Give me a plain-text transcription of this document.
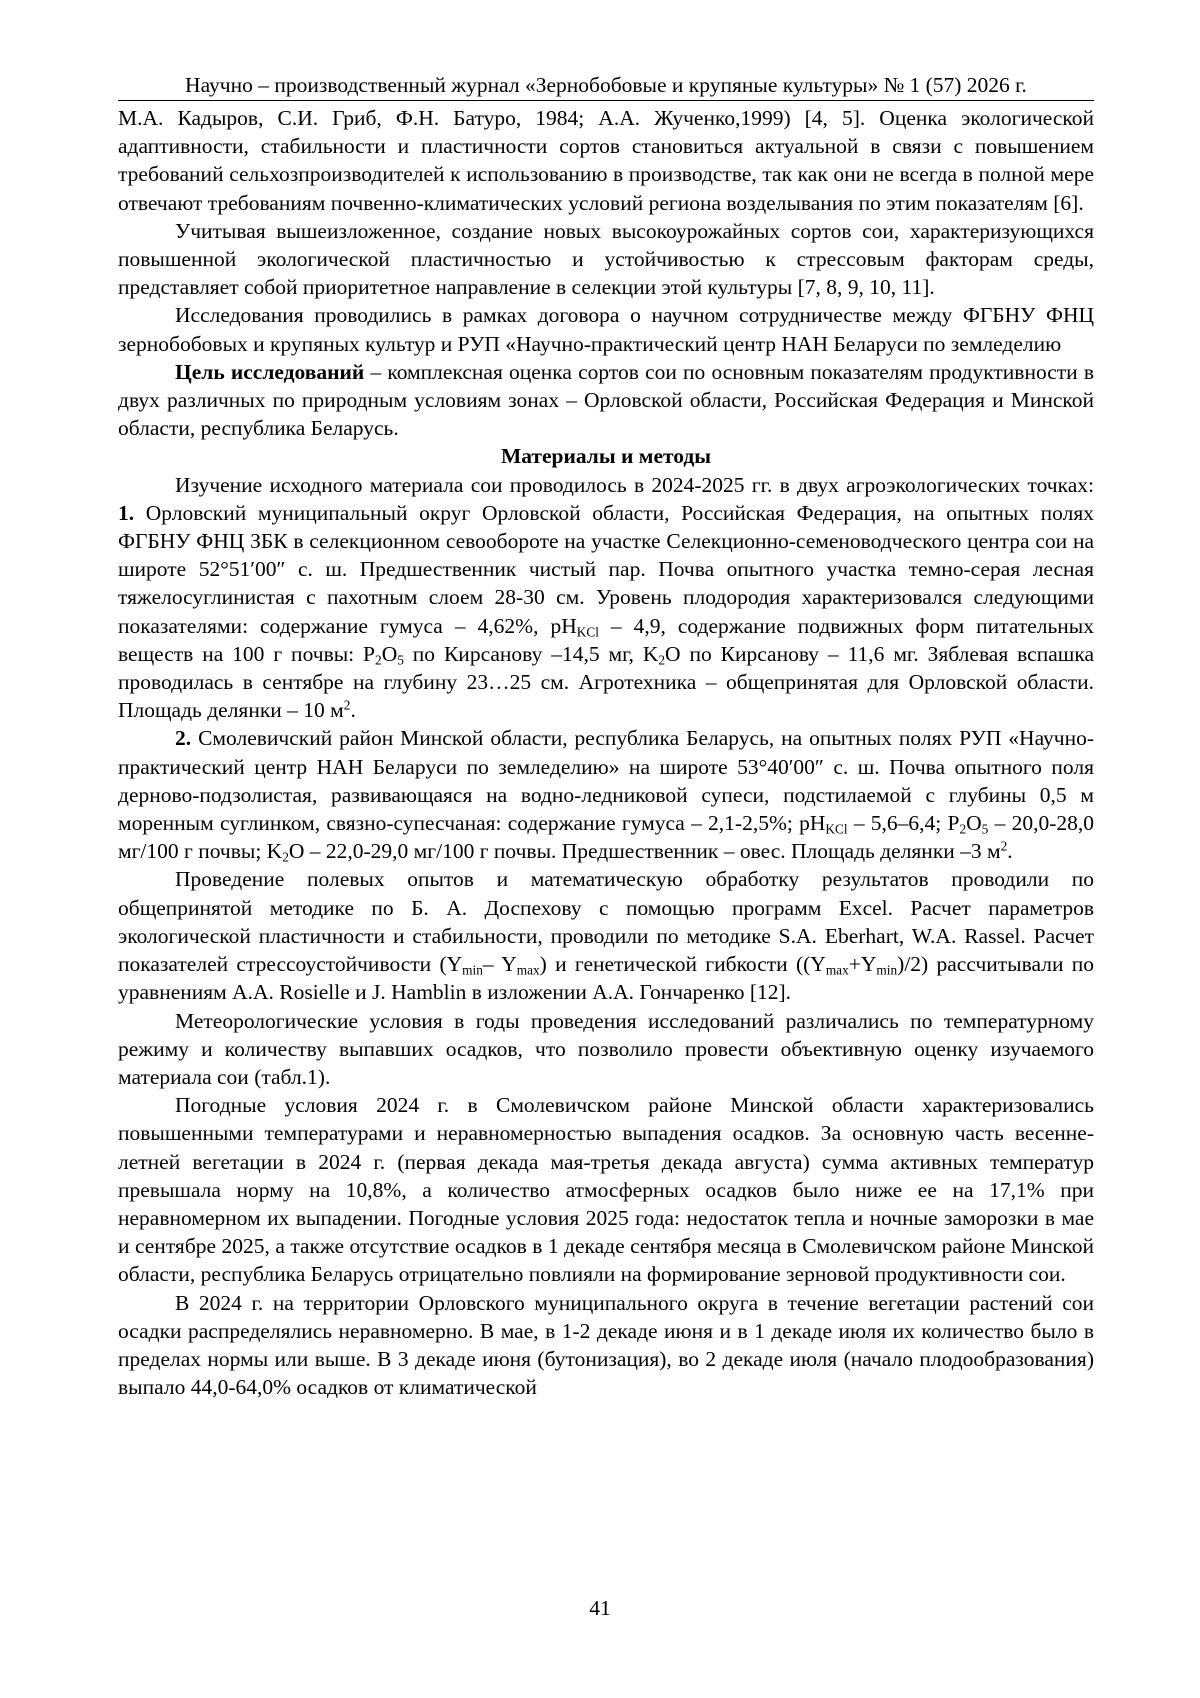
Научно – производственный журнал «Зернобобовые и крупяные культуры» № 1 (57) 2026 г.

М.А. Кадыров, С.И. Гриб, Ф.Н. Батуро, 1984; А.А. Жученко,1999) [4, 5]. Оценка экологической адаптивности, стабильности и пластичности сортов становиться актуальной в связи с повышением требований сельхозпроизводителей к использованию в производстве, так как они не всегда в полной мере отвечают требованиям почвенно-климатических условий региона возделывания по этим показателям [6].

Учитывая вышеизложенное, создание новых высокоурожайных сортов сои, характеризующихся повышенной экологической пластичностью и устойчивостью к стрессовым факторам среды, представляет собой приоритетное направление в селекции этой культуры [7, 8, 9, 10, 11].

Исследования проводились в рамках договора о научном сотрудничестве между ФГБНУ ФНЦ зернобобовых и крупяных культур и РУП «Научно-практический центр НАН Беларуси по земледелию

Цель исследований – комплексная оценка сортов сои по основным показателям продуктивности в двух различных по природным условиям зонах – Орловской области, Российская Федерация и Минской области, республика Беларусь.

Материалы и методы

Изучение исходного материала сои проводилось в 2024-2025 гг. в двух агроэкологических точках: 1. Орловский муниципальный округ Орловской области, Российская Федерация, на опытных полях ФГБНУ ФНЦ ЗБК в селекционном севообороте на участке Селекционно-семеноводческого центра сои на широте 52°51′00″ с. ш. Предшественник чистый пар. Почва опытного участка темно-серая лесная тяжелосуглинистая с пахотным слоем 28-30 см. Уровень плодородия характеризовался следующими показателями: содержание гумуса – 4,62%, $pH_{KCl} - 4,9$, содержание подвижных форм питательных веществ на 100 г почвы: $P_2O_5$ по Кирсанову –14,5 мг, $K_2O$ по Кирсанову – 11,6 мг. Зяблевая вспашка проводилась в сентябре на глубину 23…25 см. Агротехника – общепринятая для Орловской области. Площадь делянки – 10 $м^2$.

2. Смолевичский район Минской области, республика Беларусь, на опытных полях РУП «Научно-практический центр НАН Беларуси по земледелию» на широте 53°40′00″ с. ш. Почва опытного поля дерново-подзолистая, развивающаяся на водно-ледниковой супеси, подстилаемой с глубины 0,5 м моренным суглинком, связно-супесчаная: содержание гумуса – 2,1-2,5%; $pH_{KCl} - 5,6-6,4$; $P_2O_5 - 20,0-28,0$ мг/100 г почвы; $K_2O - 22,0-29,0$ мг/100 г почвы. Предшественник – овес. Площадь делянки –3 $м^2$.

Проведение полевых опытов и математическую обработку результатов проводили по общепринятой методике по Б. А. Доспехову с помощью программ Excel. Расчет параметров экологической пластичности и стабильности, проводили по методике S.A. Eberhart, W.A. Rassel. Расчет показателей стрессоустойчивости ($Y_{min}-$ $Y_{max}$) и генетической гибкости $((Y_{max}+Y_{min})/2)$ рассчитывали по уравнениям A.A. Rosielle и J. Hamblin в изложении А.А. Гончаренко [12].

Метеорологические условия в годы проведения исследований различались по температурному режиму и количеству выпавших осадков, что позволило провести объективную оценку изучаемого материала сои (табл.1).

Погодные условия 2024 г. в Смолевичском районе Минской области характеризовались повышенными температурами и неравномерностью выпадения осадков. За основную часть весенне-летней вегетации в 2024 г. (первая декада мая-третья декада августа) сумма активных температур превышала норму на 10,8%, а количество атмосферных осадков было ниже ее на 17,1% при неравномерном их выпадении. Погодные условия 2025 года: недостаток тепла и ночные заморозки в мае и сентябре 2025, а также отсутствие осадков в 1 декаде сентября месяца в Смолевичском районе Минской области, республика Беларусь отрицательно повлияли на формирование зерновой продуктивности сои.

В 2024 г. на территории Орловского муниципального округа в течение вегетации растений сои осадки распределялись неравномерно. В мае, в 1-2 декаде июня и в 1 декаде июля их количество было в пределах нормы или выше. В 3 декаде июня (бутонизация), во 2 декаде июля (начало плодообразования) выпало 44,0-64,0% осадков от климатической

41
